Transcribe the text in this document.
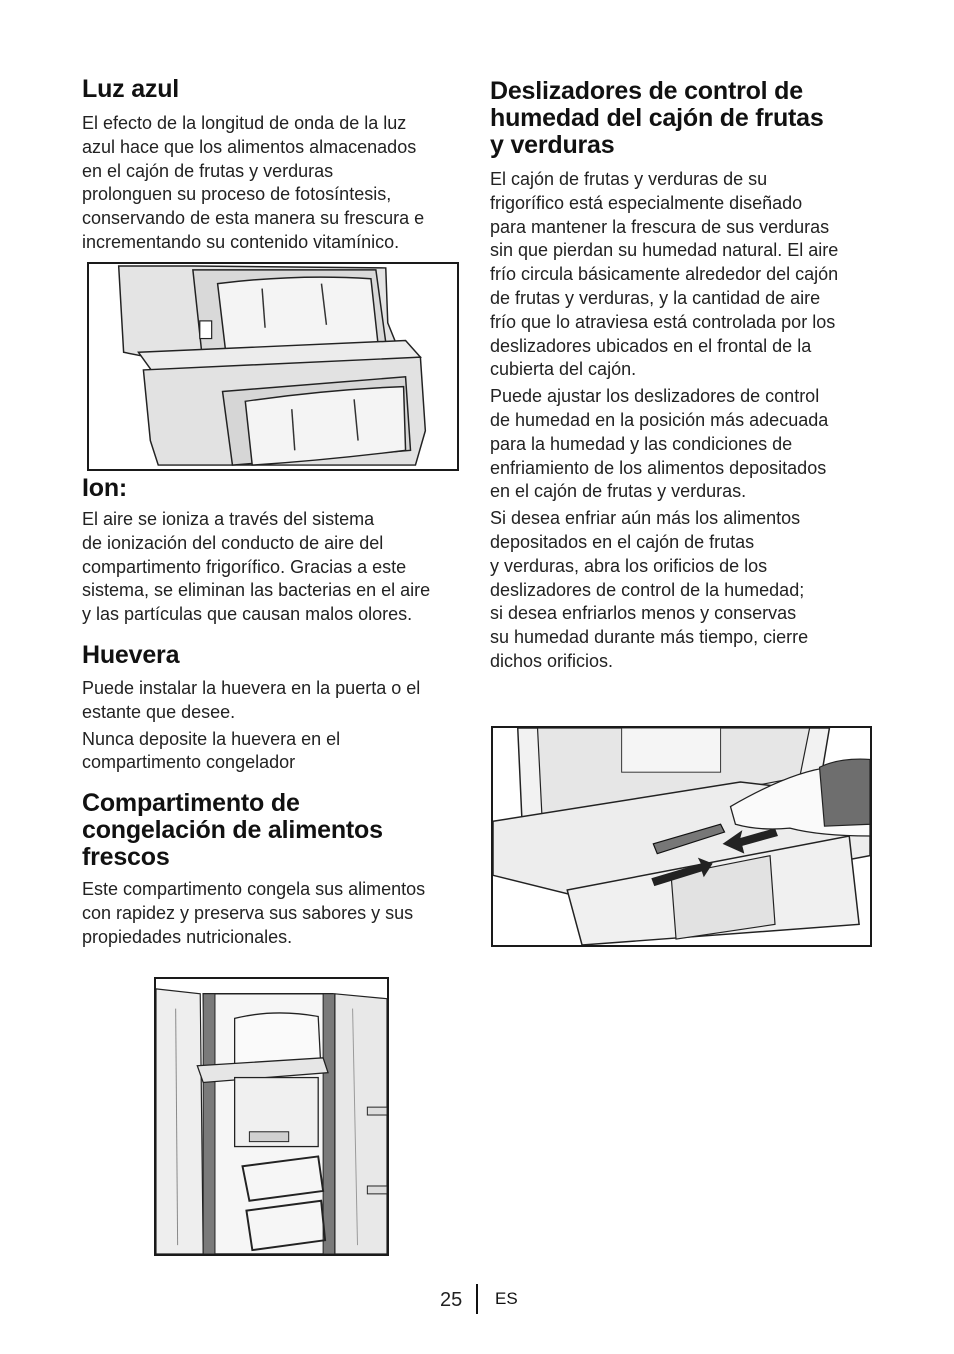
Luz azul

El efecto de la longitud de onda de la luz
azul hace que los alimentos almacenados
en el cajón de frutas y verduras
prolonguen su proceso de fotosíntesis,
conservando de esta manera su frescura e
incrementando su contenido vitamínico.

Ion:

El aire se ioniza a través del sistema
de ionización del conducto de aire del
compartimento frigorífico. Gracias a este
sistema, se eliminan las bacterias en el aire
y las partículas que causan malos olores.

Huevera

Puede instalar la huevera en la puerta o el
estante que desee.

Nunca deposite la huevera en el
compartimento congelador

Compartimento de
congelación de alimentos
frescos

Este compartimento congela sus alimentos
con rapidez y preserva sus sabores y sus
propiedades nutricionales.

Deslizadores de control de
humedad del cajón de frutas
y verduras

El cajón de frutas y verduras de su
frigorífico está especialmente diseñado
para mantener la frescura de sus verduras
sin que pierdan su humedad natural. El aire
frío circula básicamente alrededor del cajón
de frutas y verduras, y la cantidad de aire
frío que lo atraviesa está controlada por los
deslizadores ubicados en el frontal de la
cubierta del cajón.

Puede ajustar los deslizadores de control
de humedad en la posición más adecuada
para la humedad y las condiciones de
enfriamiento de los alimentos depositados
en el cajón de frutas y verduras.

Si desea enfriar aún más los alimentos
depositados en el cajón de frutas
y verduras, abra los orificios de los
deslizadores de control de la humedad;
si desea enfriarlos menos y conservas
su humedad durante más tiempo, cierre
dichos orificios.

25 ES
